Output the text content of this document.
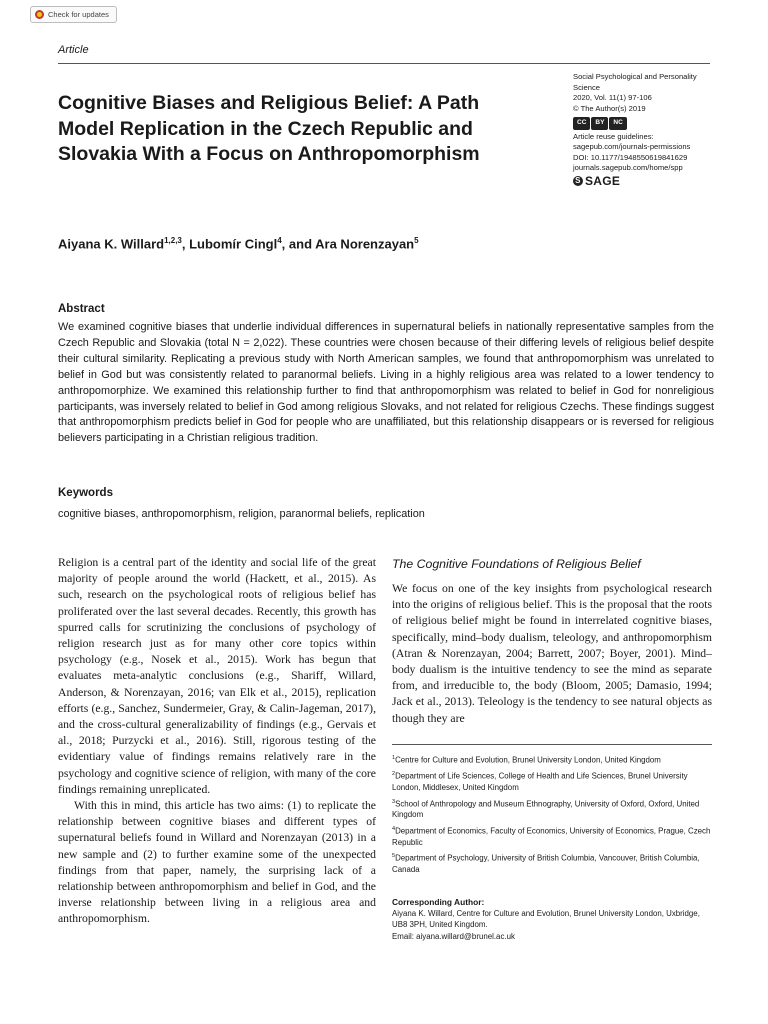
Check for updates
Article
Cognitive Biases and Religious Belief: A Path Model Replication in the Czech Republic and Slovakia With a Focus on Anthropomorphism
Social Psychological and Personality Science
2020, Vol. 11(1) 97-106
© The Author(s) 2019
CC	BY	NC
Article reuse guidelines:
sagepub.com/journals-permissions
DOI: 10.1177/1948550619841629
journals.sagepub.com/home/spp
S SAGE
Aiyana K. Willard$^{1,2,3}$, Lubomír Cingl$^4$, and Ara Norenzayan$^5$
Abstract

We examined cognitive biases that underlie individual differences in supernatural beliefs in nationally representative samples from the Czech Republic and Slovakia (total N = 2,022). These countries were chosen because of their differing levels of religious belief despite their cultural similarity. Replicating a previous study with North American samples, we found that anthropomorphism was unrelated to belief in God but was consistently related to paranormal beliefs. Living in a highly religious area was related to a lower tendency to anthropomorphize. We examined this relationship further to find that anthropomorphism was related to belief in God for nonreligious participants, was inversely related to belief in God among religious Slovaks, and not related for religious Czechs. These findings suggest that anthropomorphism predicts belief in God for people who are unaffiliated, but this relationship disappears or is reversed for religious believers participating in a Christian religious tradition.

Keywords
cognitive biases, anthropomorphism, religion, paranormal beliefs, replication

Religion is a central part of the identity and social life of the great majority of people around the world (Hackett, et al., 2015). As such, research on the psychological roots of religious belief has proliferated over the last several decades. Recently, this growth has spurred calls for scrutinizing the conclusions of psychology of religion research just as for many other core topics within psychology (e.g., Nosek et al., 2015). Work has begun that evaluates meta-analytic conclusions (e.g., Shariff, Willard, Anderson, & Norenzayan, 2016; van Elk et al., 2015), replication efforts (e.g., Sanchez, Sundermeier, Gray, & Calin-Jageman, 2017), and the cross-cultural generalizability of findings (e.g., Gervais et al., 2018; Purzycki et al., 2016). Still, rigorous testing of the evidentiary value of findings remains relatively rare in the psychology and cognitive science of religion, with many of the core findings remaining unreplicated.

With this in mind, this article has two aims: (1) to replicate the relationship between cognitive biases and different types of supernatural beliefs found in Willard and Norenzayan (2013) in a new sample and (2) to further examine some of the unexpected findings from that paper, namely, the surprising lack of a relationship between anthropomorphism and belief in God, and the inverse relationship between living in a religious area and anthropomorphism.

The Cognitive Foundations of Religious Belief

We focus on one of the key insights from psychological research into the origins of religious belief. This is the proposal that the roots of religious belief might be found in interrelated cognitive biases, specifically, mind–body dualism, teleology, and anthropomorphism (Atran & Norenzayan, 2004; Barrett, 2007; Boyer, 2001). Mind–body dualism is the intuitive tendency to see the mind as separate from, and irreducible to, the body (Bloom, 2005; Damasio, 1994; Jack et al., 2013). Teleology is the tendency to see natural objects as though they are

$^1$Centre for Culture and Evolution, Brunel University London, United Kingdom
$^2$Department of Life Sciences, College of Health and Life Sciences, Brunel University London, Middlesex, United Kingdom
$^3$School of Anthropology and Museum Ethnography, University of Oxford, Oxford, United Kingdom
$^4$Department of Economics, Faculty of Economics, University of Economics, Prague, Czech Republic
$^5$Department of Psychology, University of British Columbia, Vancouver, British Columbia, Canada
Corresponding Author:
Aiyana K. Willard, Centre for Culture and Evolution, Brunel University London, Uxbridge, UB8 3PH, United Kingdom.
Email: aiyana.willard@brunel.ac.uk
